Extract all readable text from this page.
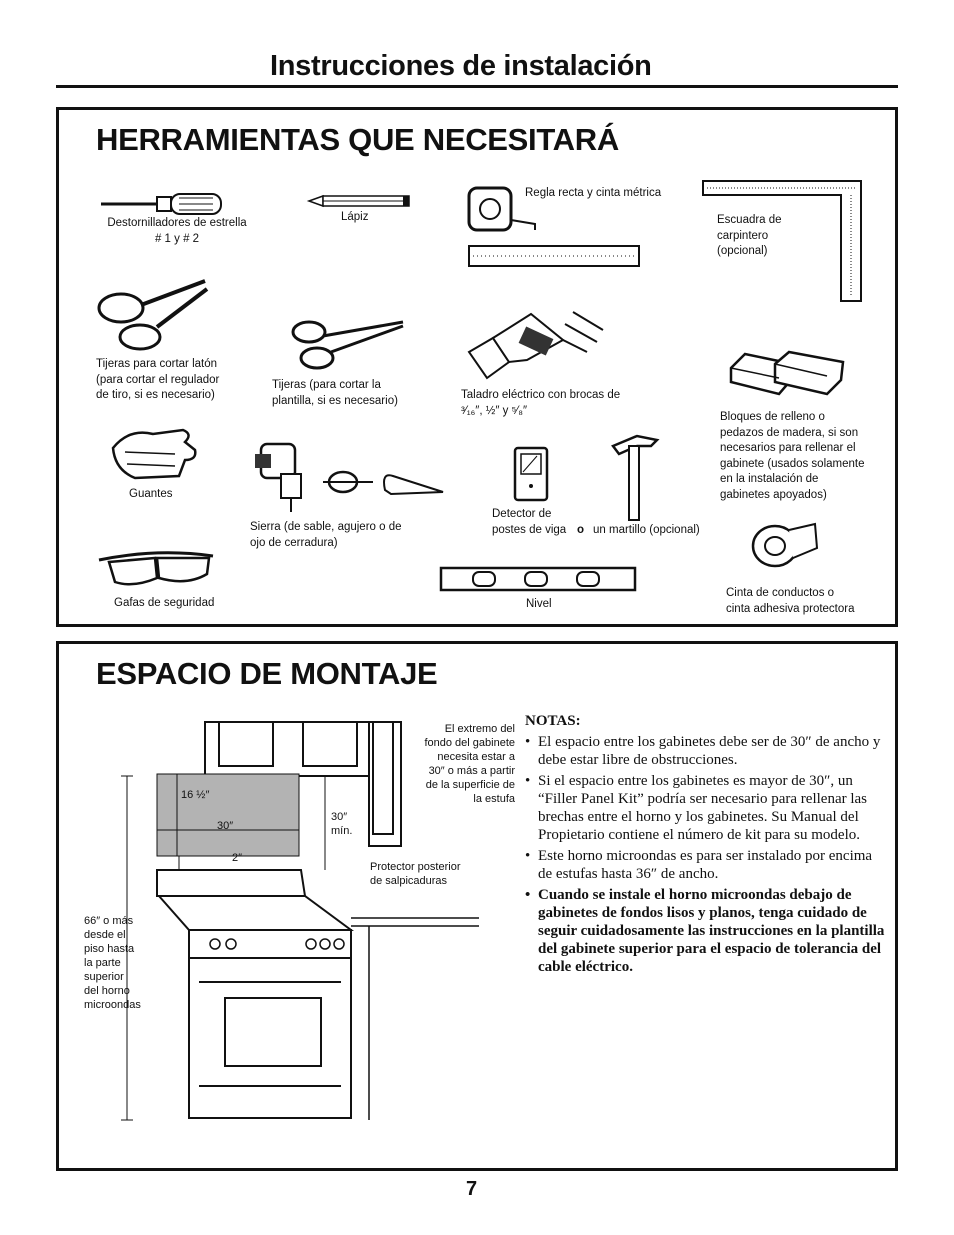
Instrucciones de instalación
HERRAMIENTAS QUE NECESITARÁ
Destornilladores de estrella
# 1 y # 2
Lápiz
Regla recta y cinta métrica
Escuadra de
carpintero
(opcional)
Tijeras para cortar latón
(para cortar el regulador
de tiro, si es necesario)
Tijeras (para cortar la
plantilla, si es necesario)	Taladro eléctrico con brocas de
³⁄₁₆″, ½″ y ⁵⁄₈″
Bloques de relleno o
pedazos de madera, si son
necesarios para rellenar el
gabinete (usados solamente
en la instalación de
gabinetes apoyados)
Guantes
Sierra (de sable, agujero o de
ojo de cerradura)
Detector de
postes de viga o un martillo (opcional)
Gafas de seguridad	Nivel
Cinta de conductos o
cinta adhesiva protectora
ESPACIO DE MONTAJE
El extremo del
fondo del gabinete
necesita estar a
30″ o más a partir
de la superficie de
la estufa
16 ½″
30″
30″
mín.
2″
Protector posterior
de salpicaduras
66″ o más
desde el
piso hasta
la parte
superior
del horno
microondas
NOTAS:
• El espacio entre los gabinetes debe ser de 30″ de ancho y debe estar libre de obstrucciones.
• Si el espacio entre los gabinetes es mayor de 30″, un “Filler Panel Kit” podría ser necesario para rellenar las brechas entre el horno y los gabinetes. Su Manual del Propietario contiene el número de kit para su modelo.
• Este horno microondas es para ser instalado por encima de estufas hasta 36″ de ancho.
• Cuando se instale el horno microondas debajo de gabinetes de fondos lisos y planos, tenga cuidado de seguir cuidadosamente las instrucciones en la plantilla del gabinete superior para el espacio de tolerancia del cable eléctrico.
7
